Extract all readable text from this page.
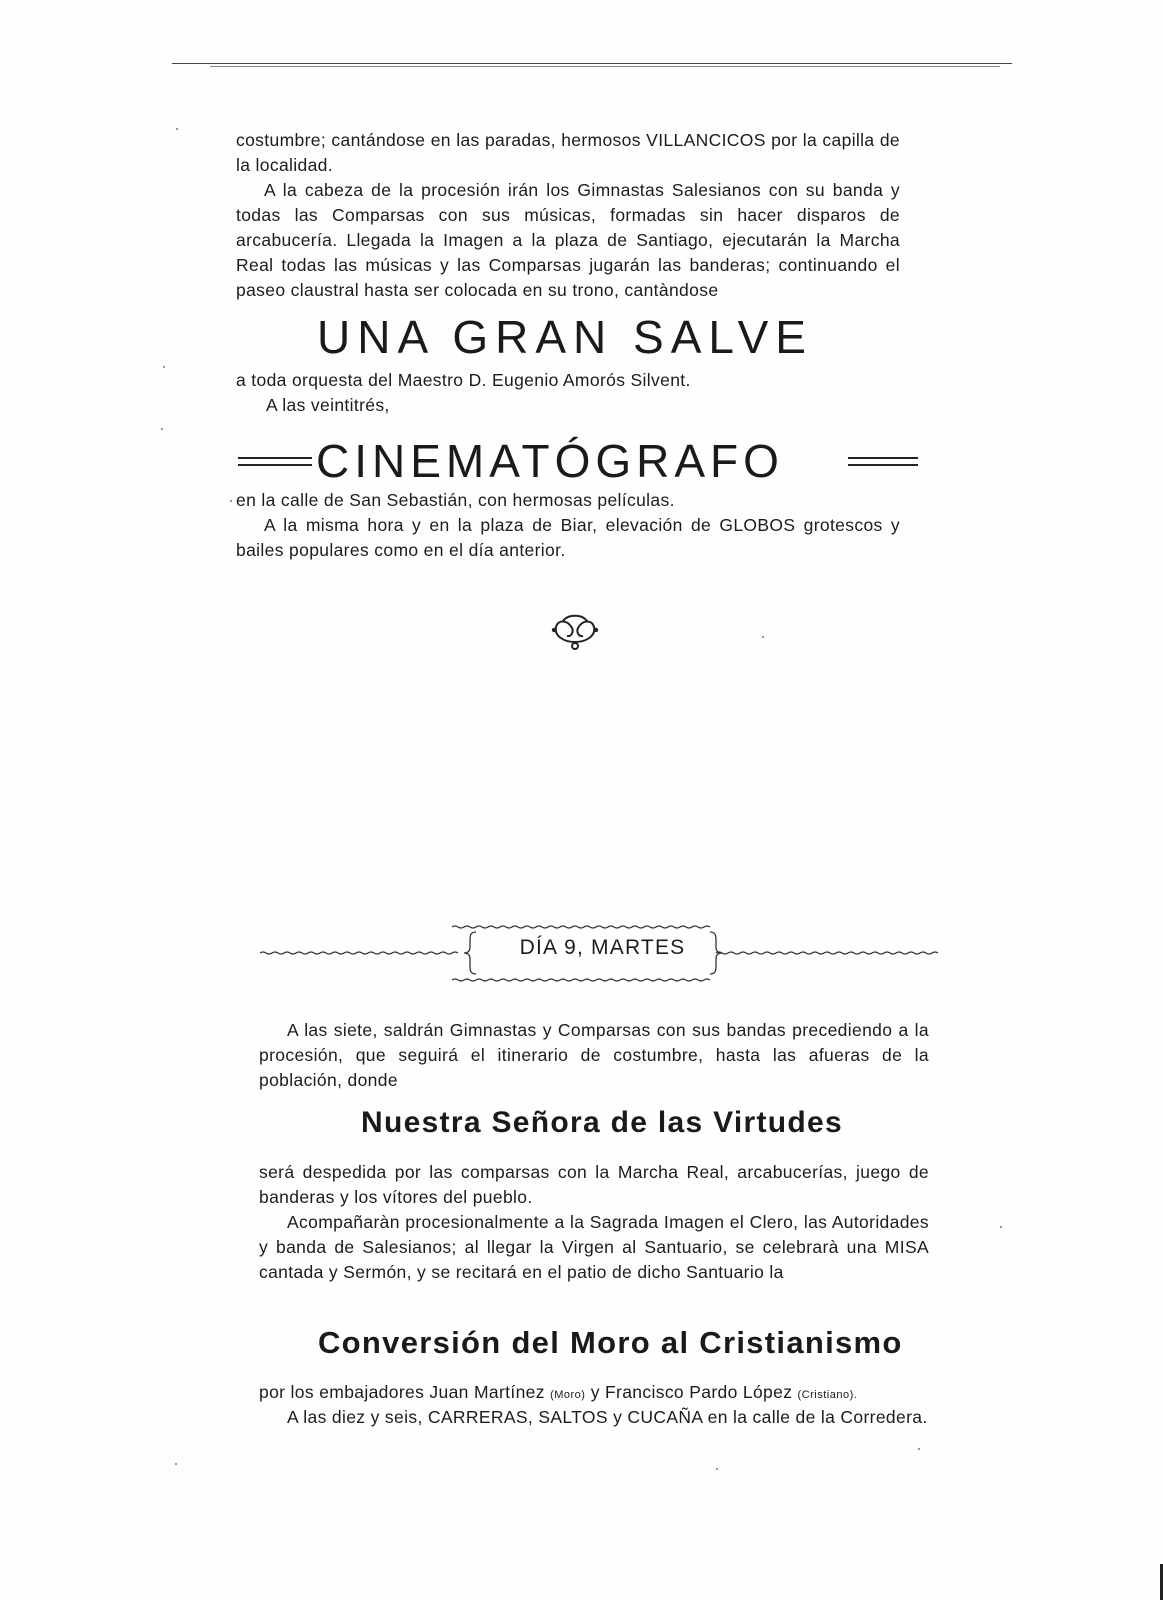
costumbre; cantándose en las paradas, hermosos VILLANCICOS por la capilla de la localidad.

A la cabeza de la procesión irán los Gimnastas Salesianos con su banda y todas las Comparsas con sus músicas, formadas sin hacer disparos de arcabucería. Llegada la Imagen a la plaza de Santiago, ejecutarán la Marcha Real todas las músicas y las Comparsas jugarán las banderas; continuando el paseo claustral hasta ser colocada en su trono, cantàndose

UNA GRAN SALVE

a toda orquesta del Maestro D. Eugenio Amorós Silvent.

A las veintitrés,

CINEMATÓGRAFO

en la calle de San Sebastián, con hermosas películas.

A la misma hora y en la plaza de Biar, elevación de GLOBOS grotescos y bailes populares como en el día anterior.

DÍA 9, MARTES

A las siete, saldrán Gimnastas y Comparsas con sus bandas precediendo a la procesión, que seguirá el itinerario de costumbre, hasta las afueras de la población, donde

Nuestra Señora de las Virtudes

será despedida por las comparsas con la Marcha Real, arcabucerías, juego de banderas y los vítores del pueblo.

Acompañaràn procesionalmente a la Sagrada Imagen el Clero, las Autoridades y banda de Salesianos; al llegar la Virgen al Santuario, se celebrarà una MISA cantada y Sermón, y se recitará en el patio de dicho Santuario la

Conversión del Moro al Cristianismo

por los embajadores Juan Martínez (Moro) y Francisco Pardo López (Cristiano).

A las diez y seis, CARRERAS, SALTOS y CUCAÑA en la calle de la Corredera.
